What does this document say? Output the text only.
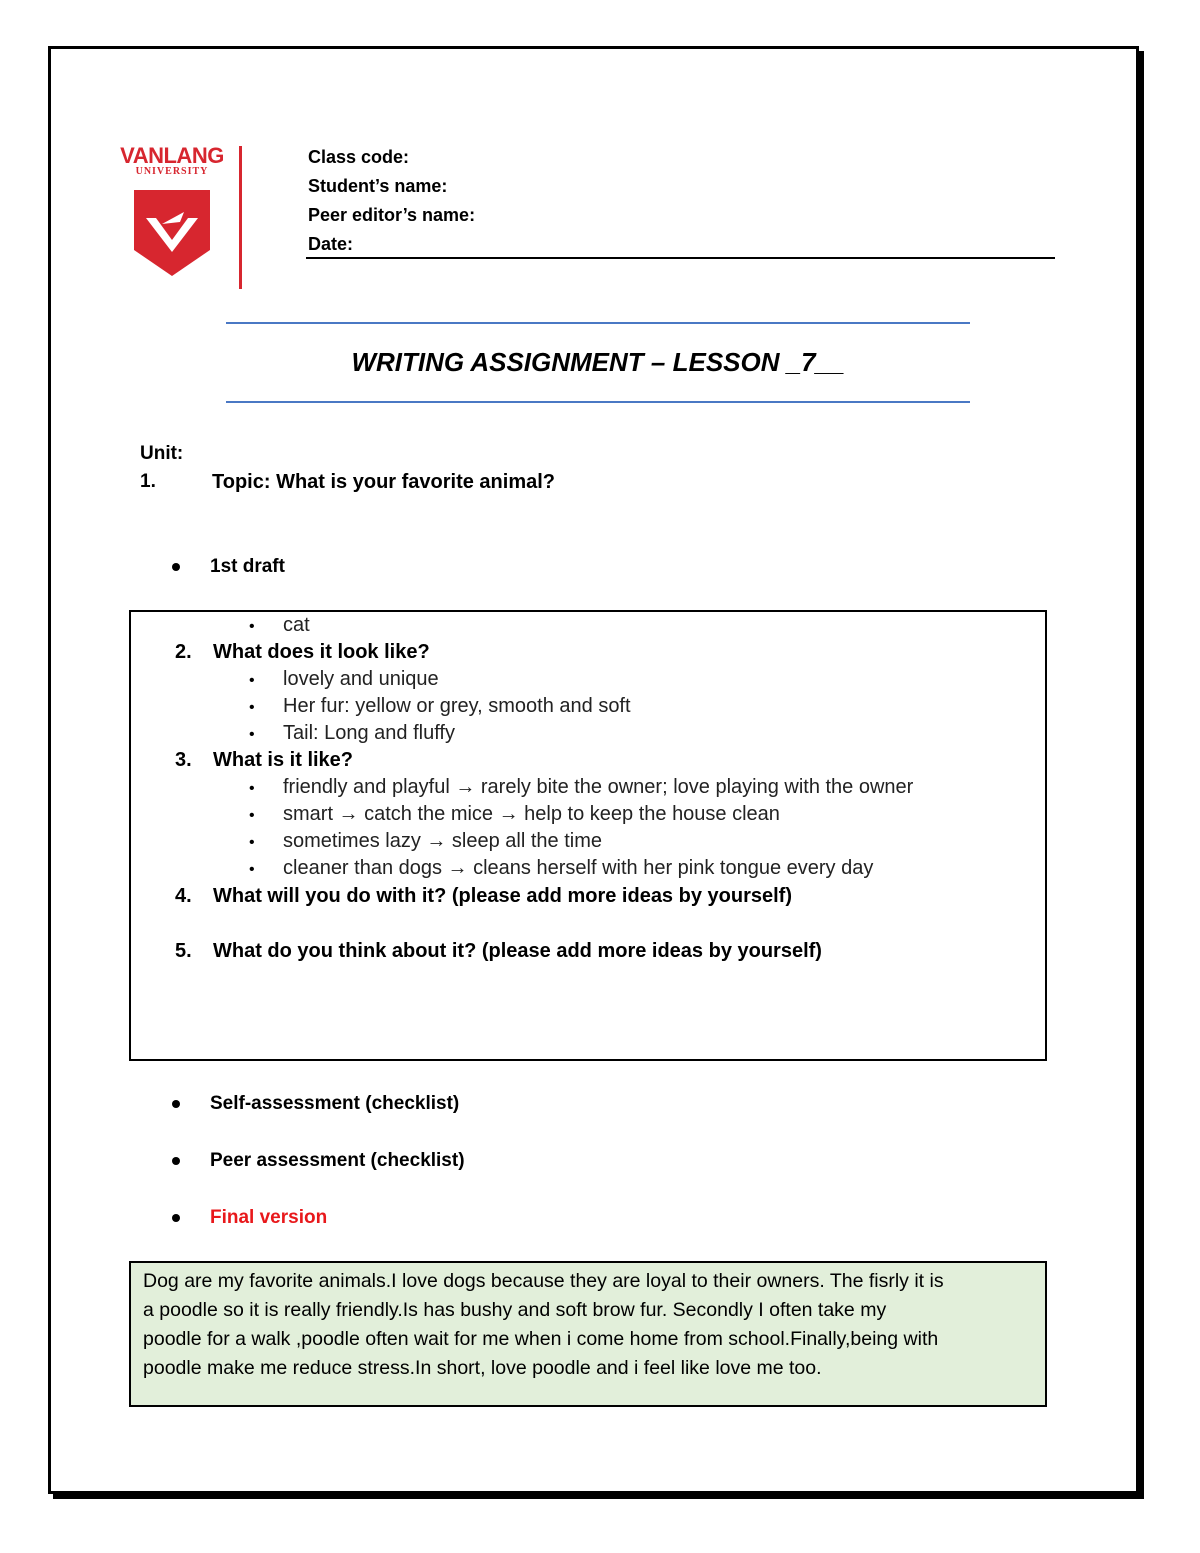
VANLANG
UNIVERSITY
Class code:
Student’s name:
Peer editor’s name:
Date:
WRITING ASSIGNMENT – LESSON _7__
Unit:
1.	Topic: What is your favorite animal?
1st draft
• cat
2. What does it look like?
• lovely and unique
• Her fur: yellow or grey, smooth and soft
• Tail: Long and fluffy
3. What is it like?
• friendly and playful → rarely bite the owner; love playing with the owner
• smart → catch the mice → help to keep the house clean
• sometimes lazy → sleep all the time
• cleaner than dogs → cleans herself with her pink tongue every day
4. What will you do with it? (please add more ideas by yourself)
5. What do you think about it? (please add more ideas by yourself)
Self-assessment (checklist)
Peer assessment (checklist)
Final version

Dog are my favorite animals.I love dogs because they are loyal to their owners. The fisrly it is

a poodle so it is really friendly.Is has bushy and soft brow fur. Secondly I often take my

poodle for a walk ,poodle often wait for me when i come home from school.Finally,being with

poodle make me reduce stress.In short, love poodle and i feel like love me too.
